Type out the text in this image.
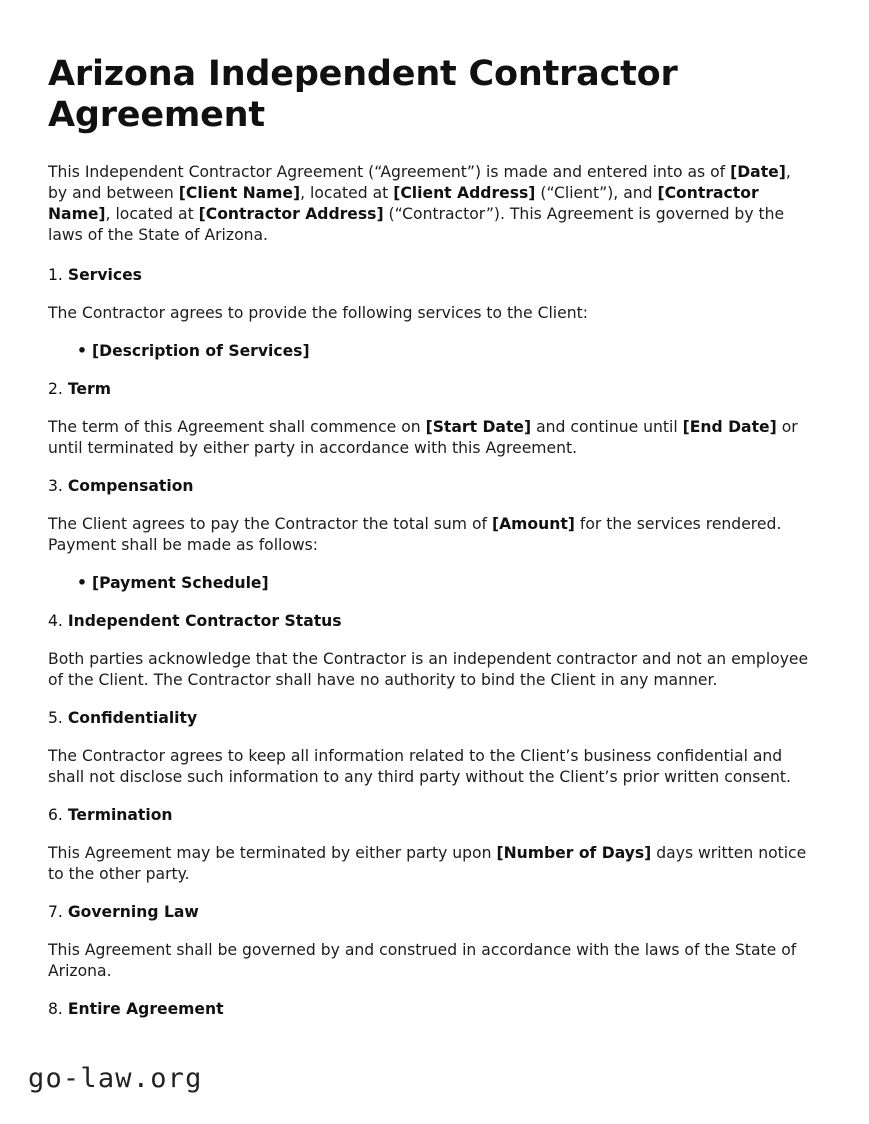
Arizona Independent Contractor Agreement

This Independent Contractor Agreement (“Agreement”) is made and entered into as of [Date], by and between [Client Name], located at [Client Address] (“Client”), and [Contractor Name], located at [Contractor Address] (“Contractor”). This Agreement is governed by the laws of the State of Arizona.

1. Services

The Contractor agrees to provide the following services to the Client:

• [Description of Services]
2. Term

The term of this Agreement shall commence on [Start Date] and continue until [End Date] or until terminated by either party in accordance with this Agreement.

3. Compensation

The Client agrees to pay the Contractor the total sum of [Amount] for the services rendered. Payment shall be made as follows:

• [Payment Schedule]
4. Independent Contractor Status

Both parties acknowledge that the Contractor is an independent contractor and not an employee of the Client. The Contractor shall have no authority to bind the Client in any manner.

5. Confidentiality

The Contractor agrees to keep all information related to the Client’s business confidential and shall not disclose such information to any third party without the Client’s prior written consent.

6. Termination

This Agreement may be terminated by either party upon [Number of Days] days written notice to the other party.

7. Governing Law

This Agreement shall be governed by and construed in accordance with the laws of the State of Arizona.

8. Entire Agreement
go-law.org
